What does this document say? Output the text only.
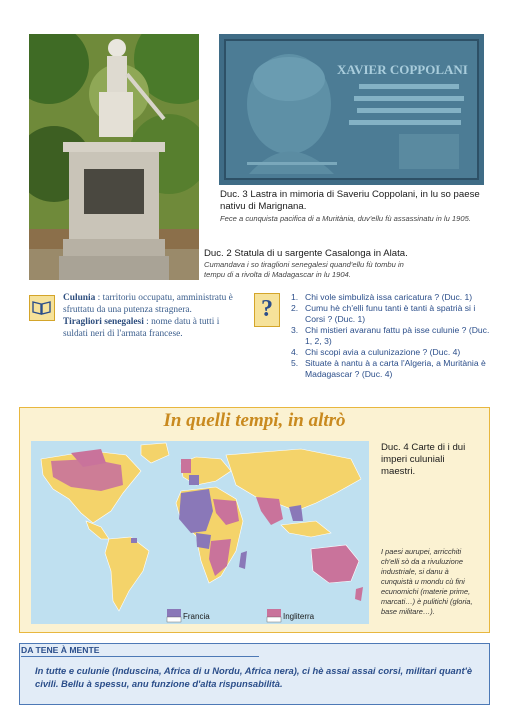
XAVIER COPPOLANI
Duc. 3 Lastra in mimoria di Saveriu Coppolani, in lu so paese nativu di Marignana.
Fece a cunquista pacifica di a Muritània, duv'ellu fù assassinatu in lu 1905.
Duc. 2 Statula di u sargente Casalonga in Alata.
Cumandava i so tiraglioni senegalesi quand'ellu fù tombu in tempu di a rivolta di Madagascar in lu 1904.
Culunia : tarritoriu occupatu, amministratu è sfruttatu da una putenza stragnera.
Tiragliori senegalesi : nome datu à tutti i suldati neri di l'armata francese.
?	1. Chi vole simbulizà issa caricatura ? (Duc. 1)
2. Cumu hè ch'elli funu tanti è tanti à spatrià si i Corsi ? (Duc. 1)
3. Chi mistieri avaranu fattu pà isse culunie ? (Duc. 1, 2, 3)
4. Chi scopi avia a culunizazione ? (Duc. 4)
5. Situate à nantu à a carta l'Algeria, a Muritània è Madagascar ? (Duc. 4)
In quelli tempi, in altrò
Francia	Ingliterra
Duc. 4 Carte di i dui imperi culuniali maestri.
I paesi aurupei, arricchiti ch'elli sò da a rivuluzione industriale, si danu à cunquistà u mondu cù fini ecunomichi (materie prime, marcati…) è pulitichi (gloria, base militare…).
DA TENE À MENTE
In tutte e culunie (Induscina, Africa di u Nordu, Africa nera), ci hè assai assai corsi, militari quant'è civili. Bellu à spessu, anu funzione d'alta rispunsabilità.
